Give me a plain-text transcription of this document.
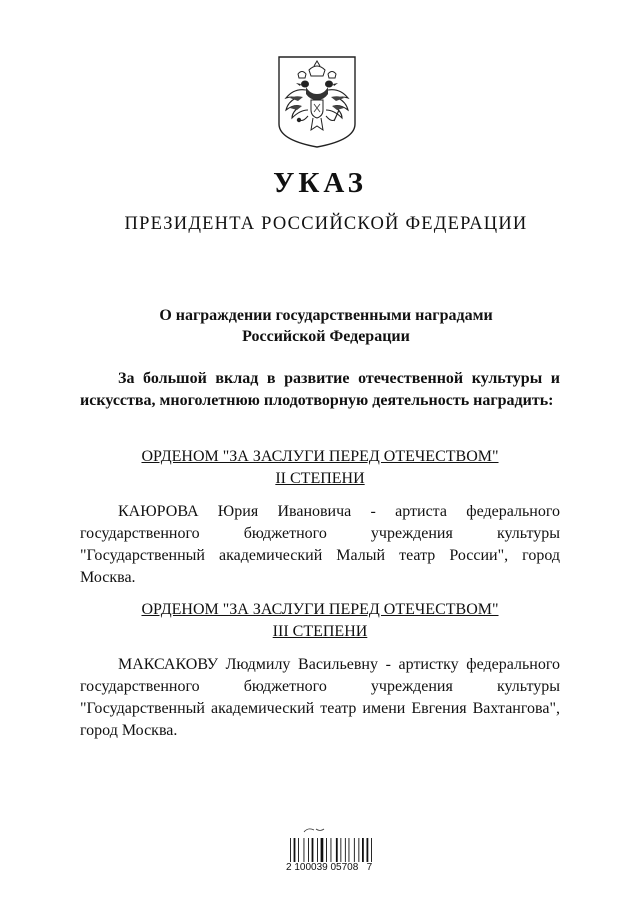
УКАЗ
ПРЕЗИДЕНТА РОССИЙСКОЙ ФЕДЕРАЦИИ
О награждении государственными наградами
Российской Федерации
За большой вклад в развитие отечественной культуры и искусства, многолетнюю плодотворную деятельность наградить:
ОРДЕНОМ "ЗА ЗАСЛУГИ ПЕРЕД ОТЕЧЕСТВОМ"
II СТЕПЕНИ
КАЮРОВА Юрия Ивановича - артиста федерального государственного бюджетного учреждения культуры "Государственный академический Малый театр России", город Москва.
ОРДЕНОМ "ЗА ЗАСЛУГИ ПЕРЕД ОТЕЧЕСТВОМ"
III СТЕПЕНИ
МАКСАКОВУ Людмилу Васильевну - артистку федерального государственного бюджетного учреждения культуры "Государственный академический театр имени Евгения Вахтангова", город Москва.
2 100039 05708   7
